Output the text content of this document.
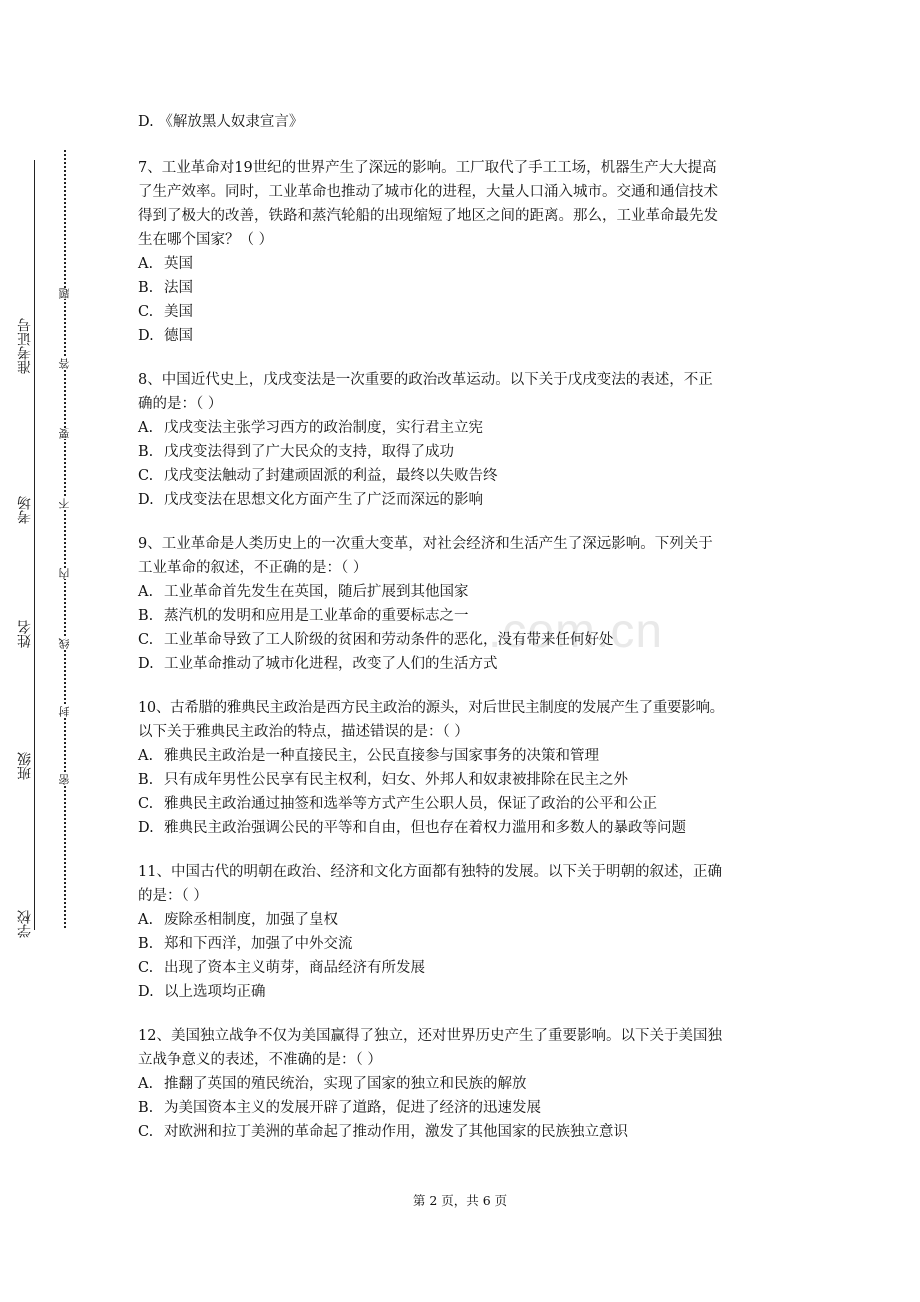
准考证号
考场
姓名
班级
学校
题
答
要
不
内
线
封
密
.com.cn
D. 《解放黑人奴隶宣言》
7、工业革命对19世纪的世界产生了深远的影响。工厂取代了手工工场，机器生产大大提高
了生产效率。同时，工业革命也推动了城市化的进程，大量人口涌入城市。交通和通信技术
得到了极大的改善，铁路和蒸汽轮船的出现缩短了地区之间的距离。那么，工业革命最先发
生在哪个国家？（ ）
A. 英国
B. 法国
C. 美国
D. 德国
8、中国近代史上，戊戌变法是一次重要的政治改革运动。以下关于戊戌变法的表述，不正
确的是：（ ）
A. 戊戌变法主张学习西方的政治制度，实行君主立宪
B. 戊戌变法得到了广大民众的支持，取得了成功
C. 戊戌变法触动了封建顽固派的利益，最终以失败告终
D. 戊戌变法在思想文化方面产生了广泛而深远的影响
9、工业革命是人类历史上的一次重大变革，对社会经济和生活产生了深远影响。下列关于
工业革命的叙述，不正确的是：（ ）
A. 工业革命首先发生在英国，随后扩展到其他国家
B. 蒸汽机的发明和应用是工业革命的重要标志之一
C. 工业革命导致了工人阶级的贫困和劳动条件的恶化，没有带来任何好处
D. 工业革命推动了城市化进程，改变了人们的生活方式
10、古希腊的雅典民主政治是西方民主政治的源头，对后世民主制度的发展产生了重要影响。
以下关于雅典民主政治的特点，描述错误的是：（ ）
A. 雅典民主政治是一种直接民主，公民直接参与国家事务的决策和管理
B. 只有成年男性公民享有民主权利，妇女、外邦人和奴隶被排除在民主之外
C. 雅典民主政治通过抽签和选举等方式产生公职人员，保证了政治的公平和公正
D. 雅典民主政治强调公民的平等和自由，但也存在着权力滥用和多数人的暴政等问题
11、中国古代的明朝在政治、经济和文化方面都有独特的发展。以下关于明朝的叙述，正确
的是：（ ）
A. 废除丞相制度，加强了皇权
B. 郑和下西洋，加强了中外交流
C. 出现了资本主义萌芽，商品经济有所发展
D. 以上选项均正确
12、美国独立战争不仅为美国赢得了独立，还对世界历史产生了重要影响。以下关于美国独
立战争意义的表述，不准确的是：（ ）
A. 推翻了英国的殖民统治，实现了国家的独立和民族的解放
B. 为美国资本主义的发展开辟了道路，促进了经济的迅速发展
C. 对欧洲和拉丁美洲的革命起了推动作用，激发了其他国家的民族独立意识
第 2 页，共 6 页
